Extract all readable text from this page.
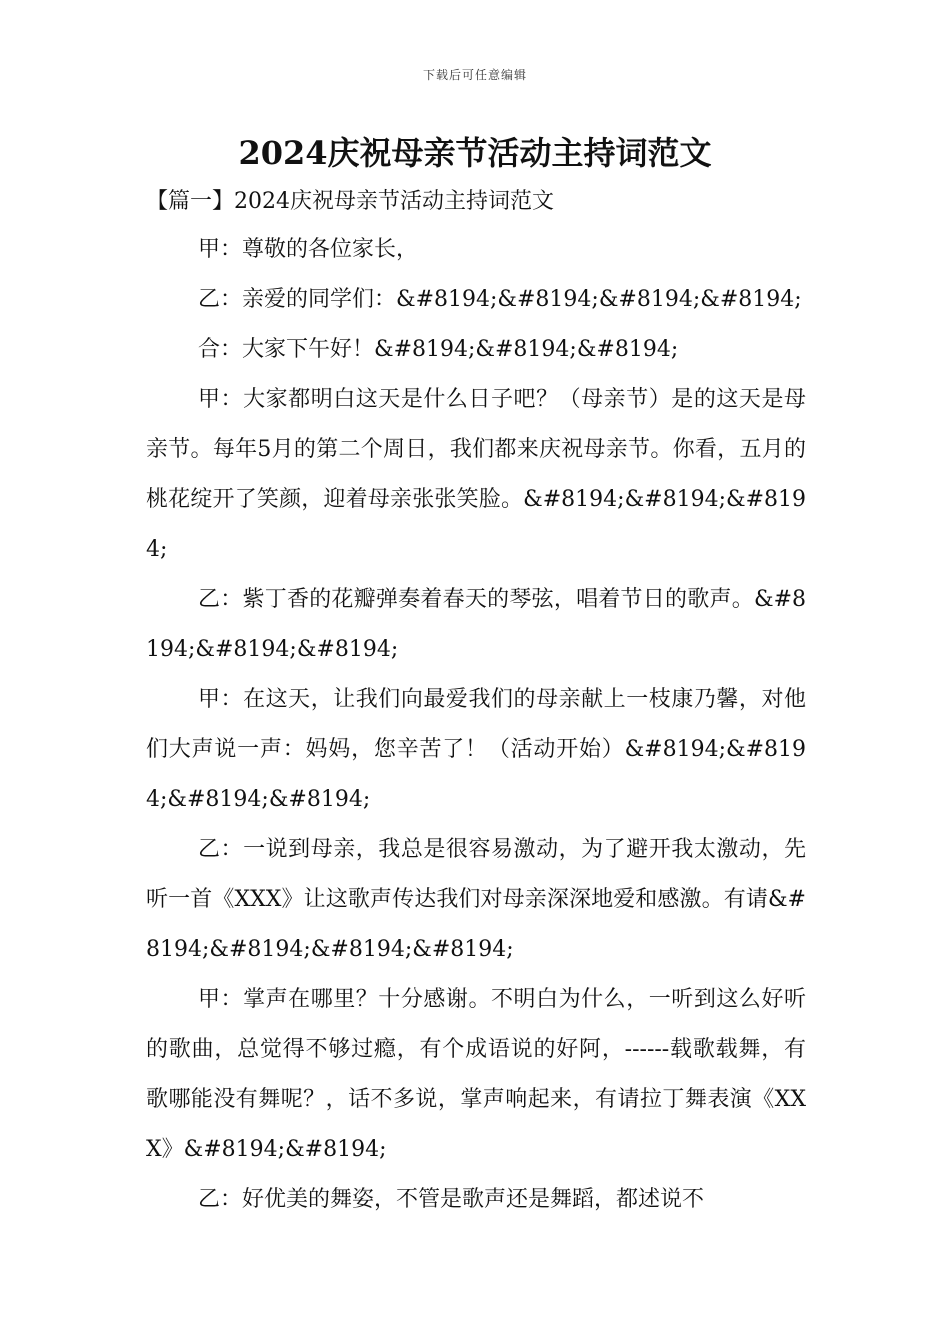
下载后可任意编辑
2024庆祝母亲节活动主持词范文
【篇一】2024庆祝母亲节活动主持词范文

甲：尊敬的各位家长，

乙：亲爱的同学们：&#8194;&#8194;&#8194;&#8194;

合：大家下午好！&#8194;&#8194;&#8194;

甲：大家都明白这天是什么日子吧？（母亲节）是的这天是母亲节。每年5月的第二个周日，我们都来庆祝母亲节。你看，五月的桃花绽开了笑颜，迎着母亲张张笑脸。&#8194;&#8194;&#8194;

乙：紫丁香的花瓣弹奏着春天的琴弦，唱着节日的歌声。&#8194;&#8194;&#8194;

甲：在这天，让我们向最爱我们的母亲献上一枝康乃馨，对他们大声说一声：妈妈，您辛苦了！（活动开始）&#8194;&#8194;&#8194;&#8194;

乙：一说到母亲，我总是很容易激动，为了避开我太激动，先听一首《XXX》让这歌声传达我们对母亲深深地爱和感激。有请&#8194;&#8194;&#8194;&#8194;

甲：掌声在哪里？十分感谢。不明白为什么，一听到这么好听的歌曲，总觉得不够过瘾，有个成语说的好阿，------载歌载舞，有歌哪能没有舞呢？，话不多说，掌声响起来，有请拉丁舞表演《XXX》&#8194;&#8194;

乙：好优美的舞姿，不管是歌声还是舞蹈，都述说不
